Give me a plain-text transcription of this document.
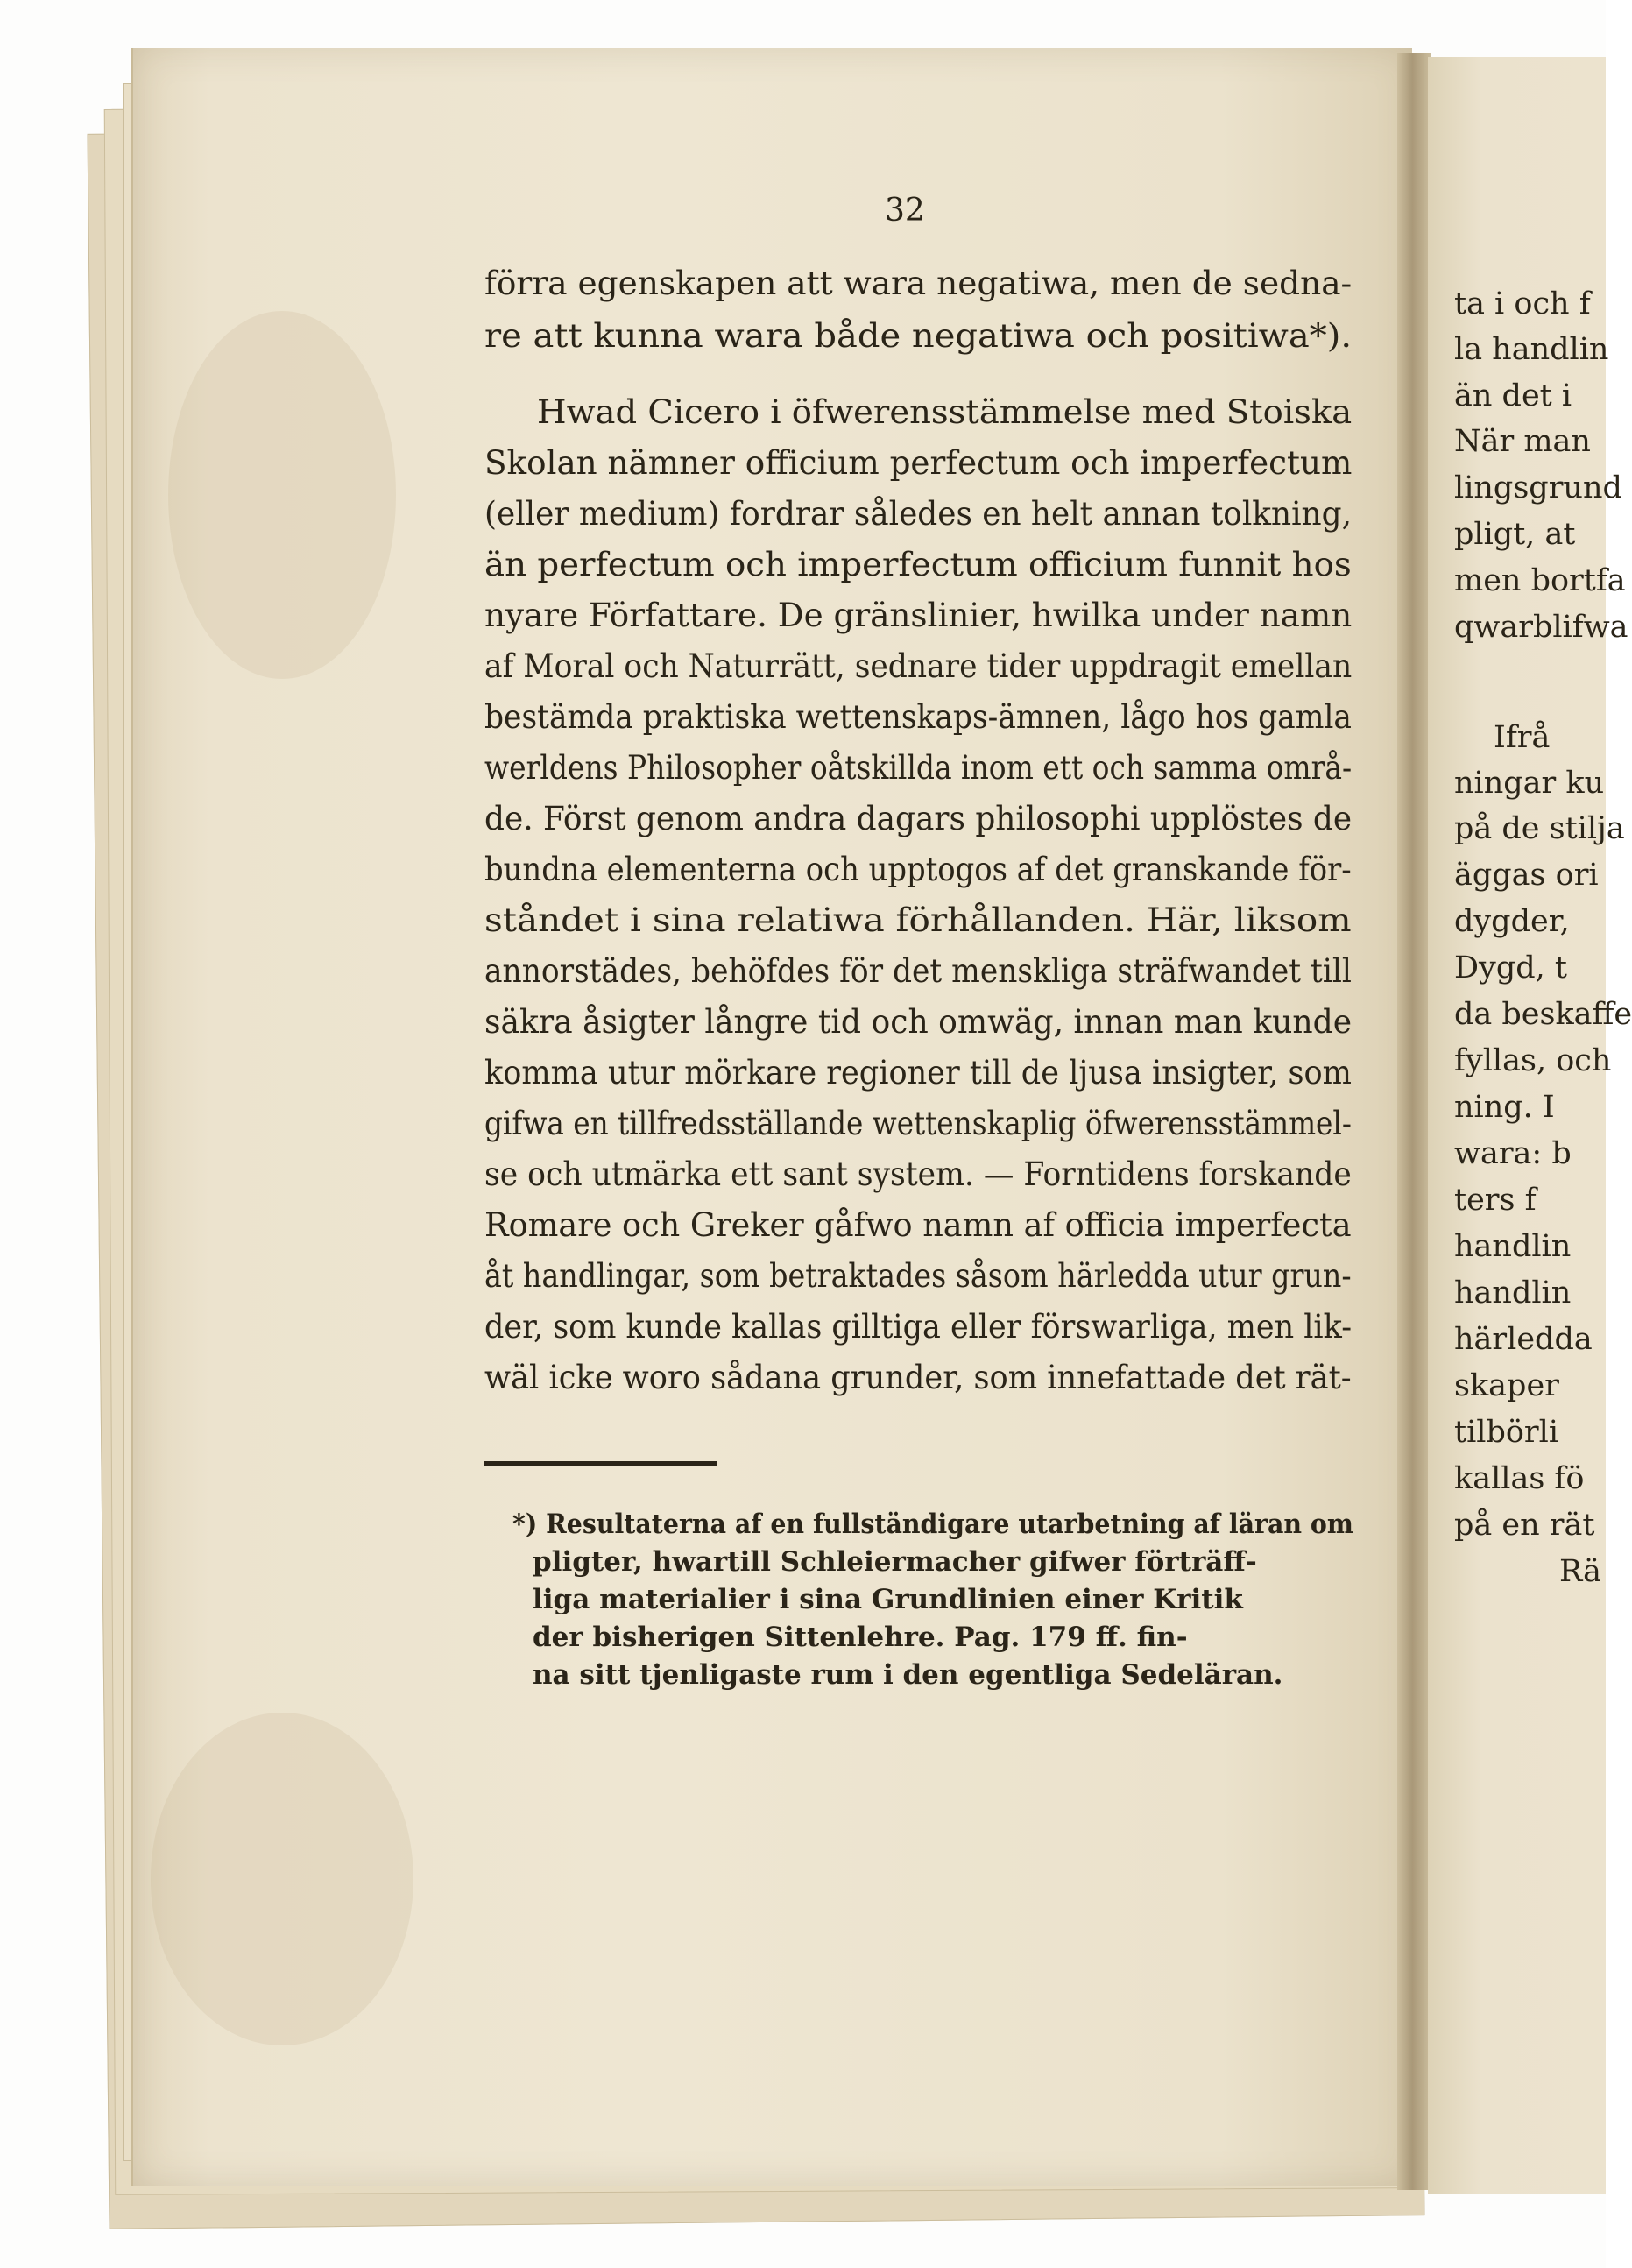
ta i och f
la handlin
än det i
När man
lingsgrund
pligt, at
men bortfa
qwarblifwa
Ifrå
ningar ku
på de stilja
äggas ori
dygder,
Dygd, t
da beskaffe
fyllas, och
ning. I
wara: b
ters f
handlin
handlin
härledda
skaper
tilbörli
kallas fö
på en rät
Rä
32
förra egenskapen att wara negatiwa, men de sedna-
re att kunna wara både negatiwa och positiwa*).
Hwad Cicero i öfwerensstämmelse med Stoiska
Skolan nämner officium perfectum och imperfectum
(eller medium) fordrar således en helt annan tolkning,
än perfectum och imperfectum officium funnit hos
nyare Författare. De gränslinier, hwilka under namn
af Moral och Naturrätt, sednare tider uppdragit emellan
bestämda praktiska wettenskaps-ämnen, lågo hos gamla
werldens Philosopher oåtskillda inom ett och samma områ-
de. Först genom andra dagars philosophi upplöstes de
bundna elementerna och upptogos af det granskande för-
ståndet i sina relatiwa förhållanden. Här, liksom
annorstädes, behöfdes för det menskliga sträfwandet till
säkra åsigter långre tid och omwäg, innan man kunde
komma utur mörkare regioner till de ljusa insigter, som
gifwa en tillfredsställande wettenskaplig öfwerensstämmel-
se och utmärka ett sant system. — Forntidens forskande
Romare och Greker gåfwo namn af officia imperfecta
åt handlingar, som betraktades såsom härledda utur grun-
der, som kunde kallas gilltiga eller förswarliga, men lik-
wäl icke woro sådana grunder, som innefattade det rät-
*) Resultaterna af en fullständigare utarbetning af läran om
pligter, hwartill Schleiermacher gifwer förträff-
liga materialier i sina Grundlinien einer Kritik
der bisherigen Sittenlehre. Pag. 179 ff. fin-
na sitt tjenligaste rum i den egentliga Sedeläran.
